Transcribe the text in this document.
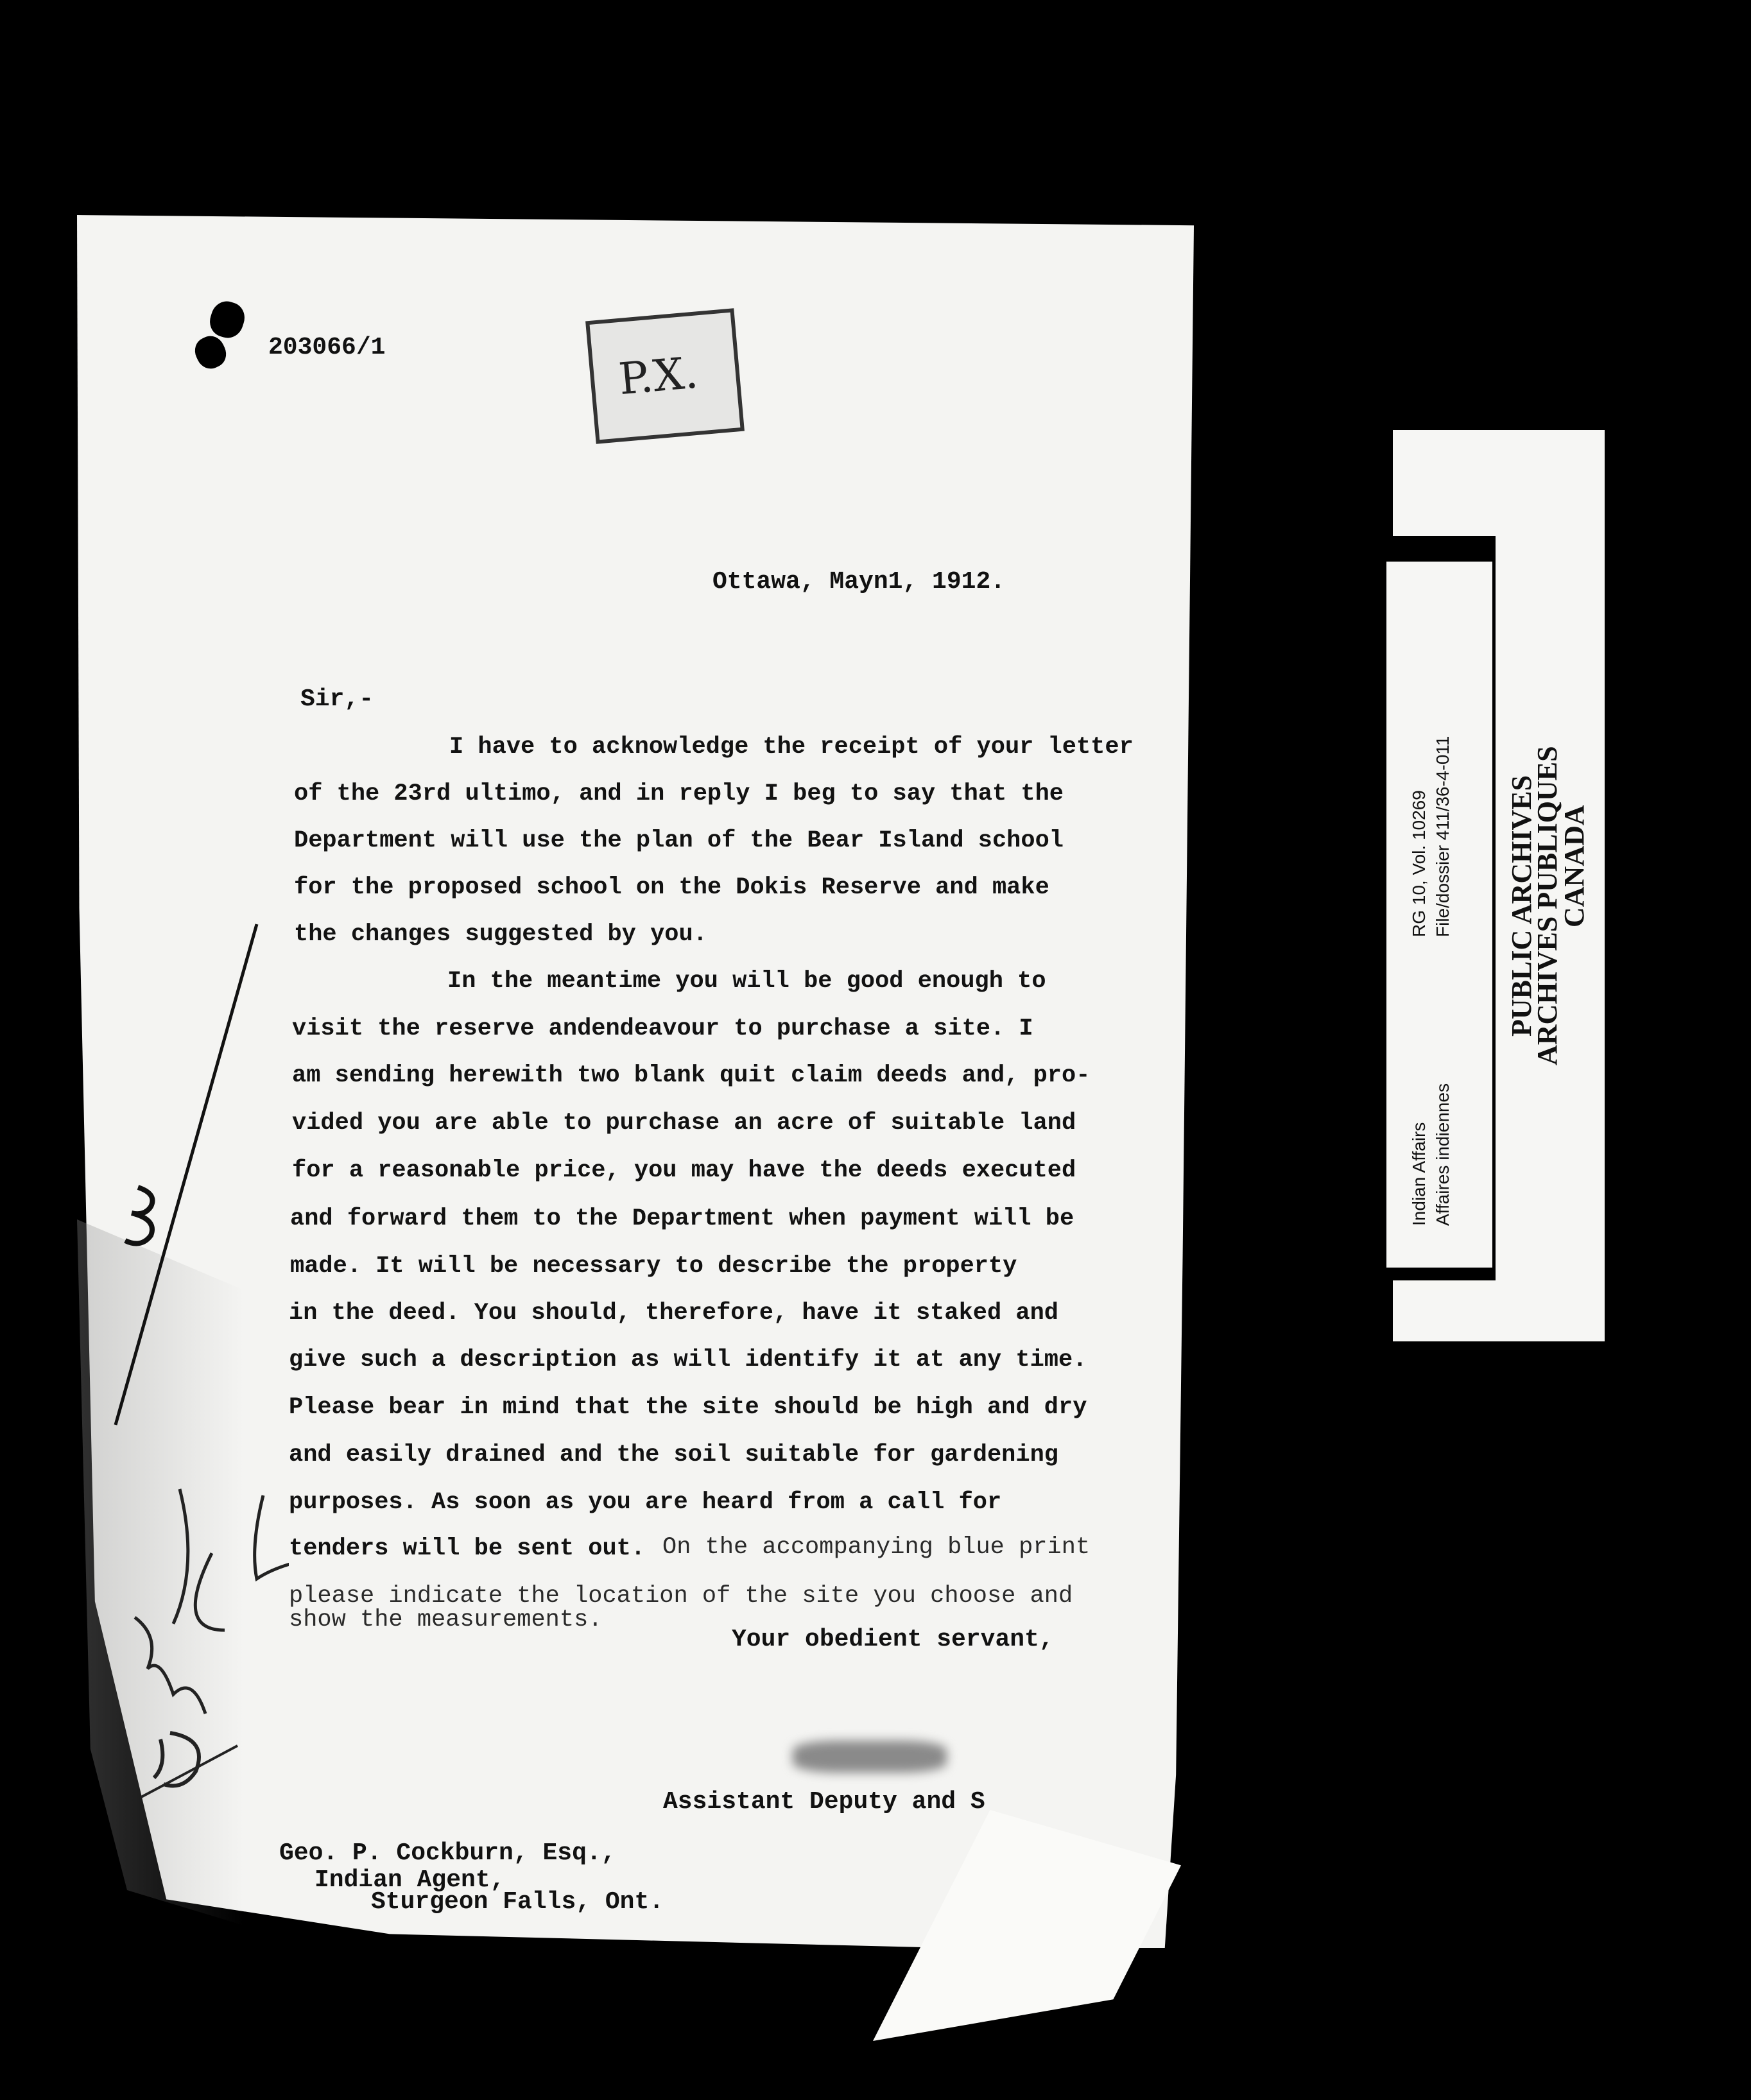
203066/1
P.X.
Ottawa, Mayn1, 1912.
Sir,-
I have to acknowledge the receipt of your letter
of the 23rd ultimo, and in reply I beg to say that the
Department will use the plan of the Bear Island school
for the proposed school on the Dokis Reserve and make
the changes suggested by you.
In the meantime you will be good enough to
visit the reserve andendeavour to purchase a site. I
am sending herewith two blank quit claim deeds and, pro-
vided you are able to purchase an acre of suitable land
for a reasonable price, you may have the deeds executed
and forward them to the Department when payment will be
made. It will be necessary to describe the property
in the deed. You should, therefore, have it staked and
give such a description as will identify it at any time.
Please bear in mind that the site should be high and dry
and easily drained and the soil suitable for gardening
purposes. As soon as you are heard from a call for
tenders will be sent out. On the accompanying blue print
please indicate the location of the site you choose and
show the measurements.
Your obedient servant,
Assistant Deputy and S
Geo. P. Cockburn, Esq.,
Indian Agent,
Sturgeon Falls, Ont.
Indian Affairs Affaires indiennes
RG 10, Vol. 10269 File/dossier 411/36-4-011 PUBLIC ARCHIVES
ARCHIVES PUBLIQUES
CANADA
